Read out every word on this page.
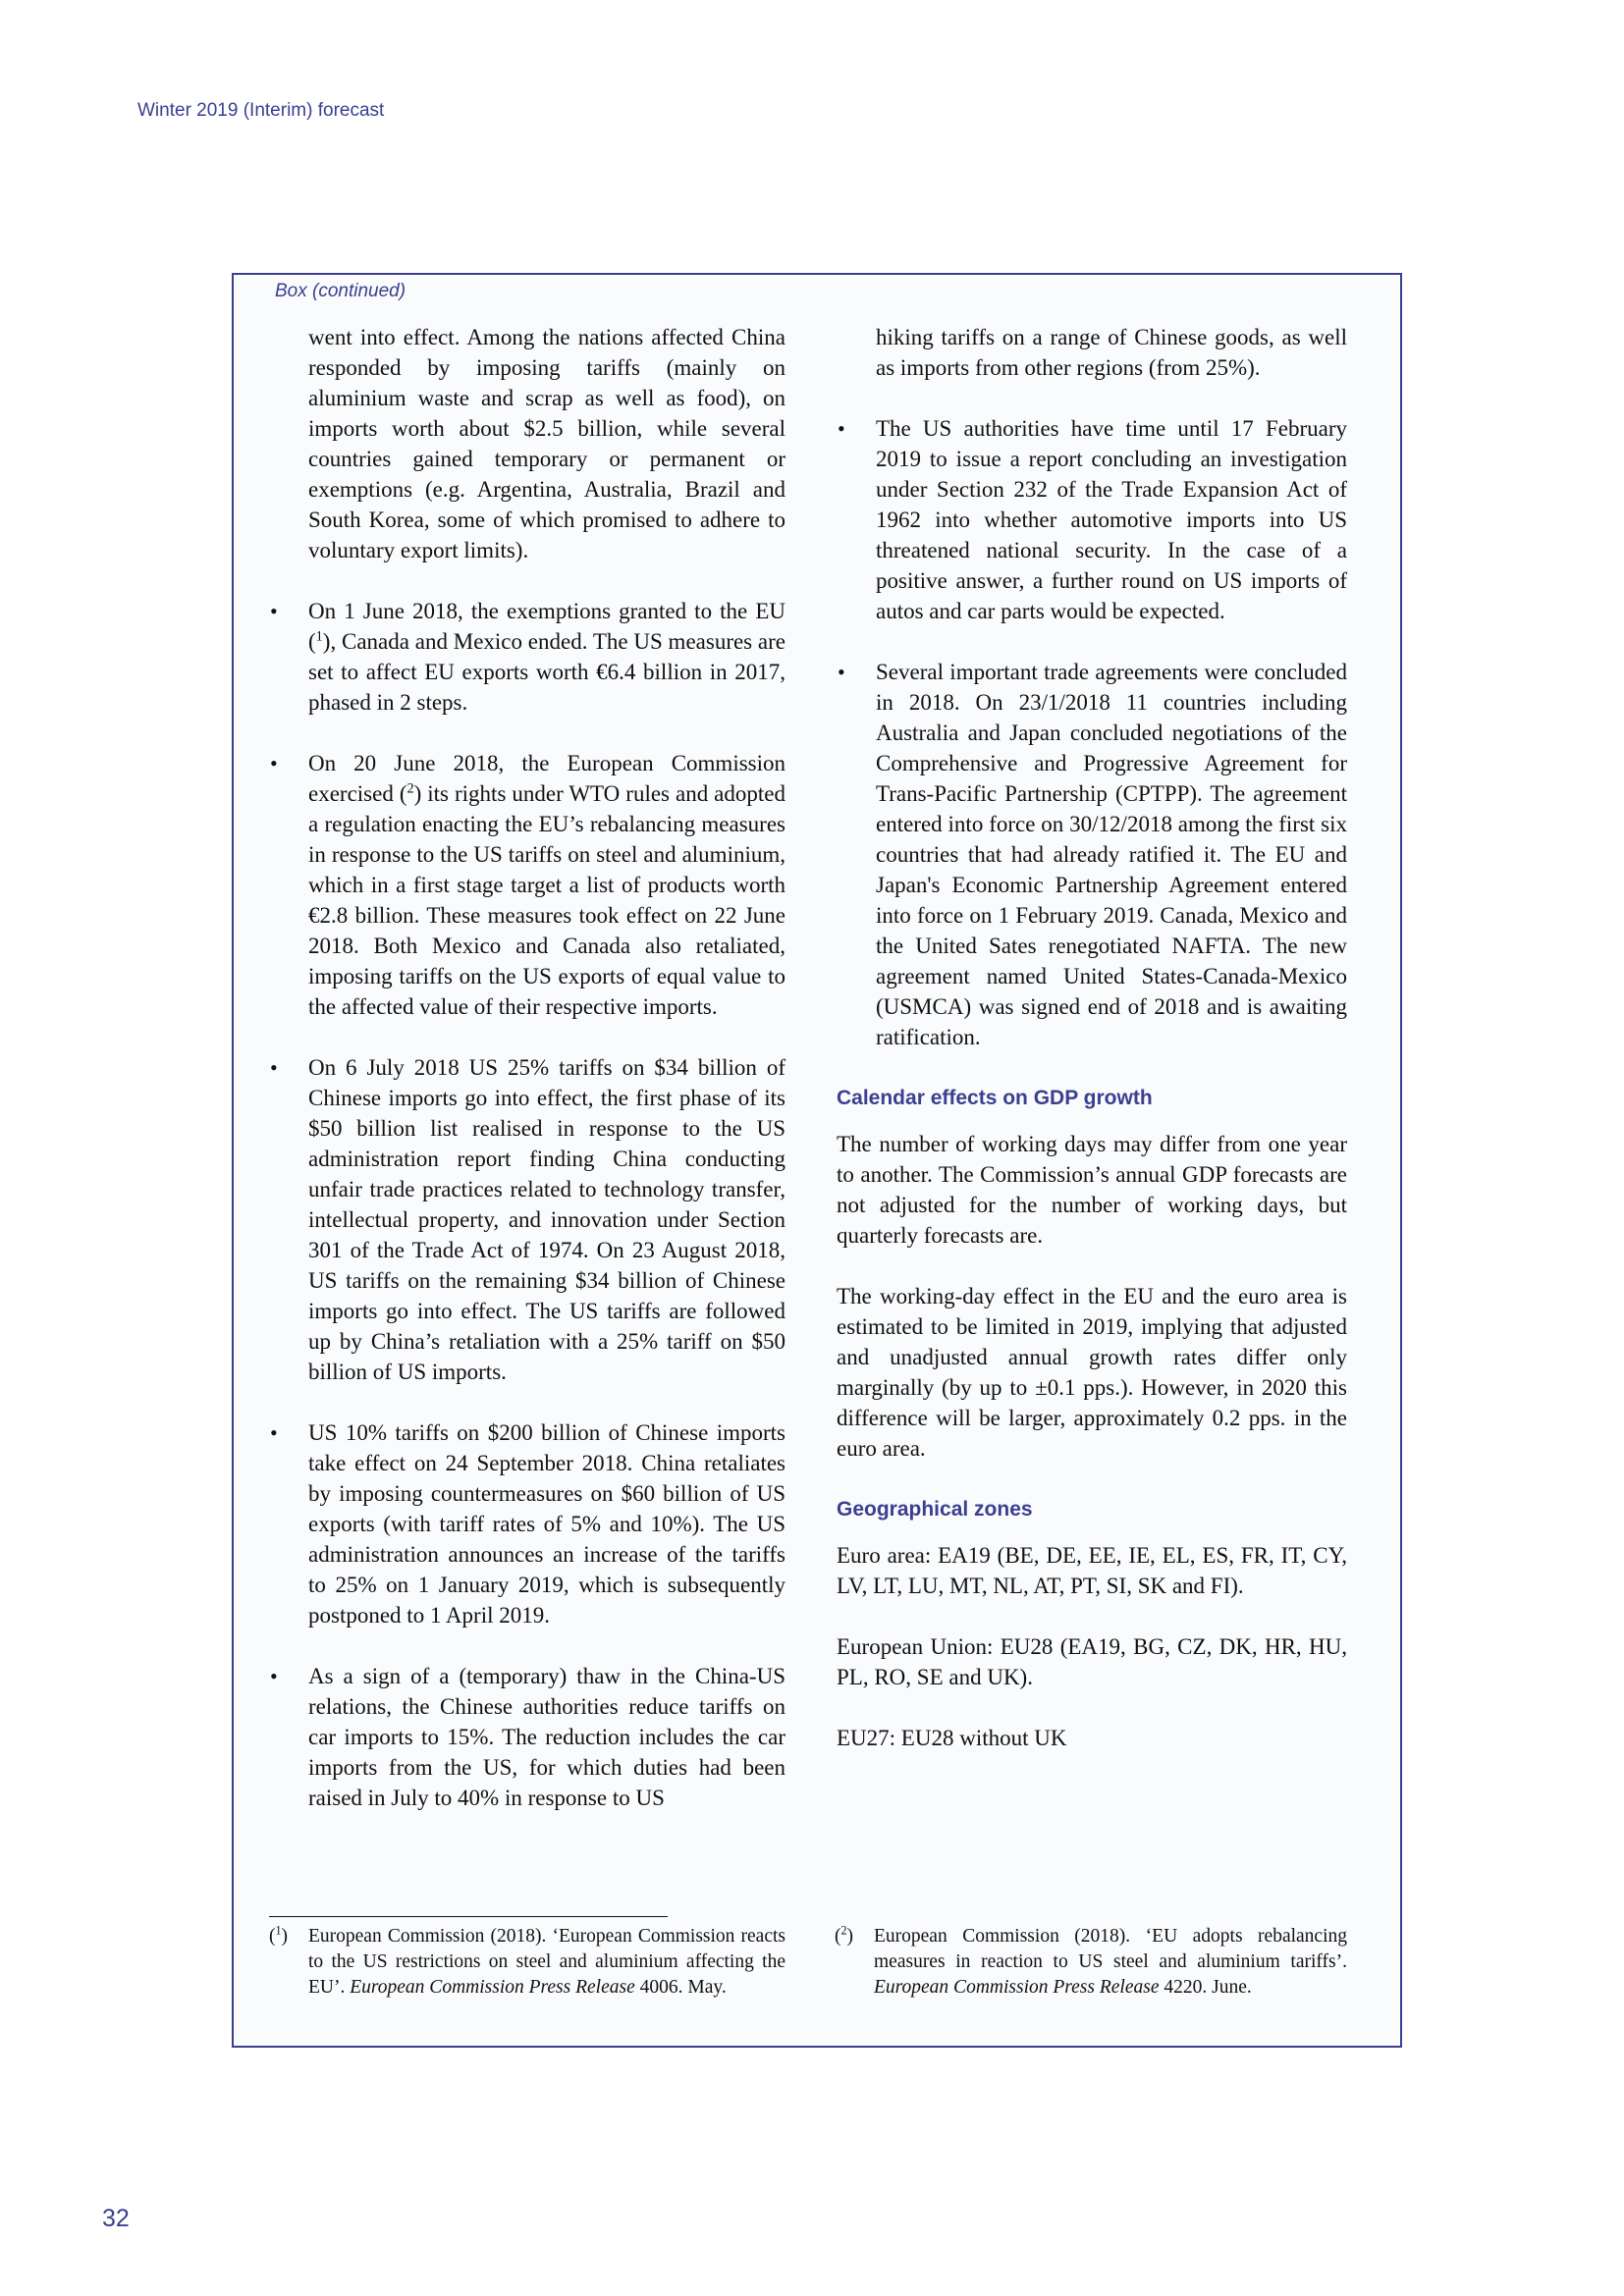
Winter 2019 (Interim) forecast
Box (continued)

went into effect. Among the nations affected China responded by imposing tariffs (mainly on aluminium waste and scrap as well as food), on imports worth about $2.5 billion, while several countries gained temporary or permanent or exemptions (e.g. Argentina, Australia, Brazil and South Korea, some of which promised to adhere to voluntary export limits).

• On 1 June 2018, the exemptions granted to the EU ($^1$), Canada and Mexico ended. The US measures are set to affect EU exports worth €6.4 billion in 2017, phased in 2 steps.
• On 20 June 2018, the European Commission exercised ($^2$) its rights under WTO rules and adopted a regulation enacting the EU’s rebalancing measures in response to the US tariffs on steel and aluminium, which in a first stage target a list of products worth €2.8 billion. These measures took effect on 22 June 2018. Both Mexico and Canada also retaliated, imposing tariffs on the US exports of equal value to the affected value of their respective imports.
• On 6 July 2018 US 25% tariffs on $34 billion of Chinese imports go into effect, the first phase of its $50 billion list realised in response to the US administration report finding China conducting unfair trade practices related to technology transfer, intellectual property, and innovation under Section 301 of the Trade Act of 1974. On 23 August 2018, US tariffs on the remaining $34 billion of Chinese imports go into effect. The US tariffs are followed up by China’s retaliation with a 25% tariff on $50 billion of US imports.
• US 10% tariffs on $200 billion of Chinese imports take effect on 24 September 2018. China retaliates by imposing countermeasures on $60 billion of US exports (with tariff rates of 5% and 10%). The US administration announces an increase of the tariffs to 25% on 1 January 2019, which is subsequently postponed to 1 April 2019.
• As a sign of a (temporary) thaw in the China-US relations, the Chinese authorities reduce tariffs on car imports to 15%. The reduction includes the car imports from the US, for which duties had been raised in July to 40% in response to US

hiking tariffs on a range of Chinese goods, as well as imports from other regions (from 25%).

• The US authorities have time until 17 February 2019 to issue a report concluding an investigation under Section 232 of the Trade Expansion Act of 1962 into whether automotive imports into US threatened national security. In the case of a positive answer, a further round on US imports of autos and car parts would be expected.
• Several important trade agreements were concluded in 2018. On 23/1/2018 11 countries including Australia and Japan concluded negotiations of the Comprehensive and Progressive Agreement for Trans-Pacific Partnership (CPTPP). The agreement entered into force on 30/12/2018 among the first six countries that had already ratified it. The EU and Japan's Economic Partnership Agreement entered into force on 1 February 2019. Canada, Mexico and the United Sates renegotiated NAFTA. The new agreement named United States-Canada-Mexico (USMCA) was signed end of 2018 and is awaiting ratification.
Calendar effects on GDP growth

The number of working days may differ from one year to another. The Commission’s annual GDP forecasts are not adjusted for the number of working days, but quarterly forecasts are.

The working-day effect in the EU and the euro area is estimated to be limited in 2019, implying that adjusted and unadjusted annual growth rates differ only marginally (by up to ±0.1 pps.). However, in 2020 this difference will be larger, approximately 0.2 pps. in the euro area.

Geographical zones

Euro area: EA19 (BE, DE, EE, IE, EL, ES, FR, IT, CY, LV, LT, LU, MT, NL, AT, PT, SI, SK and FI).

European Union: EU28 (EA19, BG, CZ, DK, HR, HU, PL, RO, SE and UK).

EU27: EU28 without UK

($^1$)	European Commission (2018). ‘European Commission reacts to the US restrictions on steel and aluminium affecting the EU’. European Commission Press Release 4006. May.
($^2$)	European Commission (2018). ‘EU adopts rebalancing measures in reaction to US steel and aluminium tariffs’. European Commission Press Release 4220. June.
32
